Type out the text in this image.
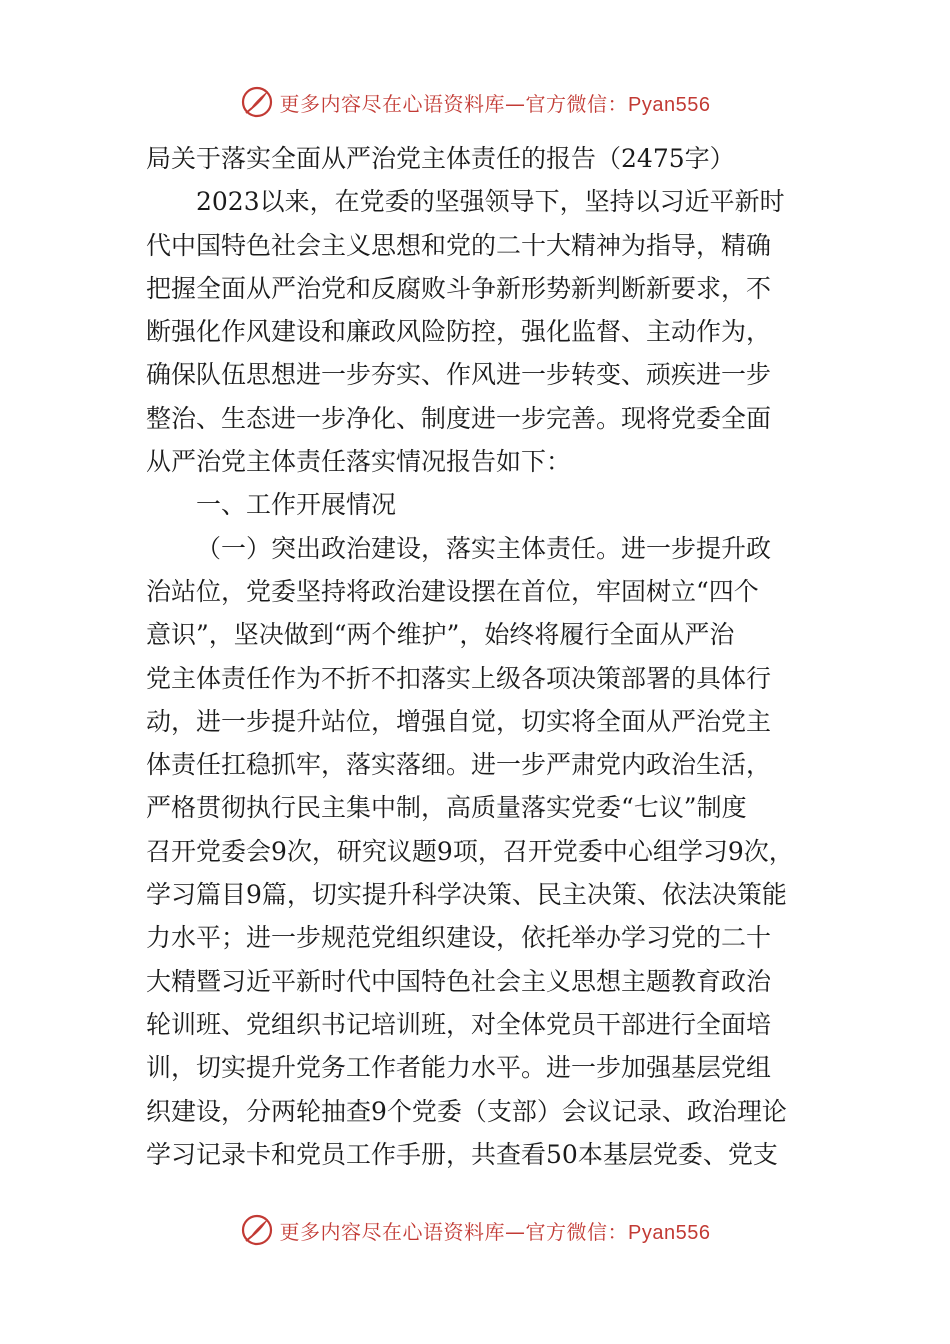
更多内容尽在心语资料库—官方微信：Pyan556
局关于落实全面从严治党主体责任的报告（2475字）
2023以来，在党委的坚强领导下，坚持以习近平新时
代中国特色社会主义思想和党的二十大精神为指导，精确
把握全面从严治党和反腐败斗争新形势新判断新要求，不
断强化作风建设和廉政风险防控，强化监督、主动作为，
确保队伍思想进一步夯实、作风进一步转变、顽疾进一步
整治、生态进一步净化、制度进一步完善。现将党委全面
从严治党主体责任落实情况报告如下：
一、工作开展情况
（一）突出政治建设，落实主体责任。进一步提升政
治站位，党委坚持将政治建设摆在首位，牢固树立“四个
意识”，坚决做到“两个维护”，始终将履行全面从严治
党主体责任作为不折不扣落实上级各项决策部署的具体行
动，进一步提升站位，增强自觉，切实将全面从严治党主
体责任扛稳抓牢，落实落细。进一步严肃党内政治生活，
严格贯彻执行民主集中制，高质量落实党委“七议”制度
召开党委会9次，研究议题9项，召开党委中心组学习9次，
学习篇目9篇，切实提升科学决策、民主决策、依法决策能
力水平；进一步规范党组织建设，依托举办学习党的二十
大精暨习近平新时代中国特色社会主义思想主题教育政治
轮训班、党组织书记培训班，对全体党员干部进行全面培
训，切实提升党务工作者能力水平。进一步加强基层党组
织建设，分两轮抽查9个党委（支部）会议记录、政治理论
学习记录卡和党员工作手册，共查看50本基层党委、党支
更多内容尽在心语资料库—官方微信：Pyan556
